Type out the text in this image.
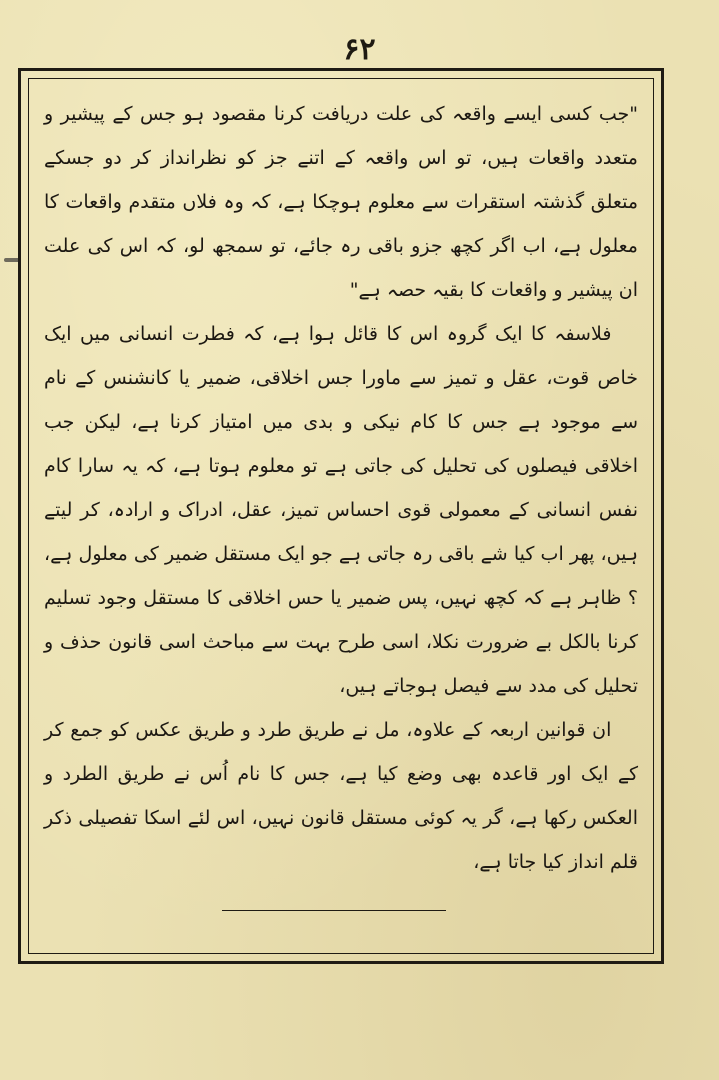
۶۲

"جب کسی ایسے واقعہ کی علت دریافت کرنا مقصود ہو جس کے پیشیر و متعدد واقعات ہیں، تو اس واقعہ کے اتنے جز کو نظرانداز کر دو جسکے متعلق گذشتہ استقرات سے معلوم ہوچکا ہے، کہ وہ فلاں متقدم واقعات کا معلول ہے، اب اگر کچھ جزو باقی رہ جائے، تو سمجھ لو، کہ اس کی علت ان پیشیر و واقعات کا بقیہ حصہ ہے"

فلاسفہ کا ایک گروہ اس کا قائل ہوا ہے، کہ فطرت انسانی میں ایک خاص قوت، عقل و تمیز سے ماورا جس اخلاقی، ضمیر یا کانشنس کے نام سے موجود ہے جس کا کام نیکی و بدی میں امتیاز کرنا ہے، لیکن جب اخلاقی فیصلوں کی تحلیل کی جاتی ہے تو معلوم ہوتا ہے، کہ یہ سارا کام نفس انسانی کے معمولی قوی احساس تمیز، عقل، ادراک و ارادہ، کر لیتے ہیں، پھر اب کیا شے باقی رہ جاتی ہے جو ایک مستقل ضمیر کی معلول ہے، ؟ ظاہر ہے کہ کچھ نہیں، پس ضمیر یا حس اخلاقی کا مستقل وجود تسلیم کرنا بالکل بے ضرورت نکلا، اسی طرح بہت سے مباحث اسی قانون حذف و تحلیل کی مدد سے فیصل ہوجاتے ہیں،

ان قوانین اربعہ کے علاوہ، مل نے طریق طرد و طریق عکس کو جمع کر کے ایک اور قاعدہ بھی وضع کیا ہے، جس کا نام اُس نے طریق الطرد و العکس رکھا ہے، گر یہ کوئی مستقل قانون نہیں، اس لئے اسکا تفصیلی ذکر قلم انداز کیا جاتا ہے،
